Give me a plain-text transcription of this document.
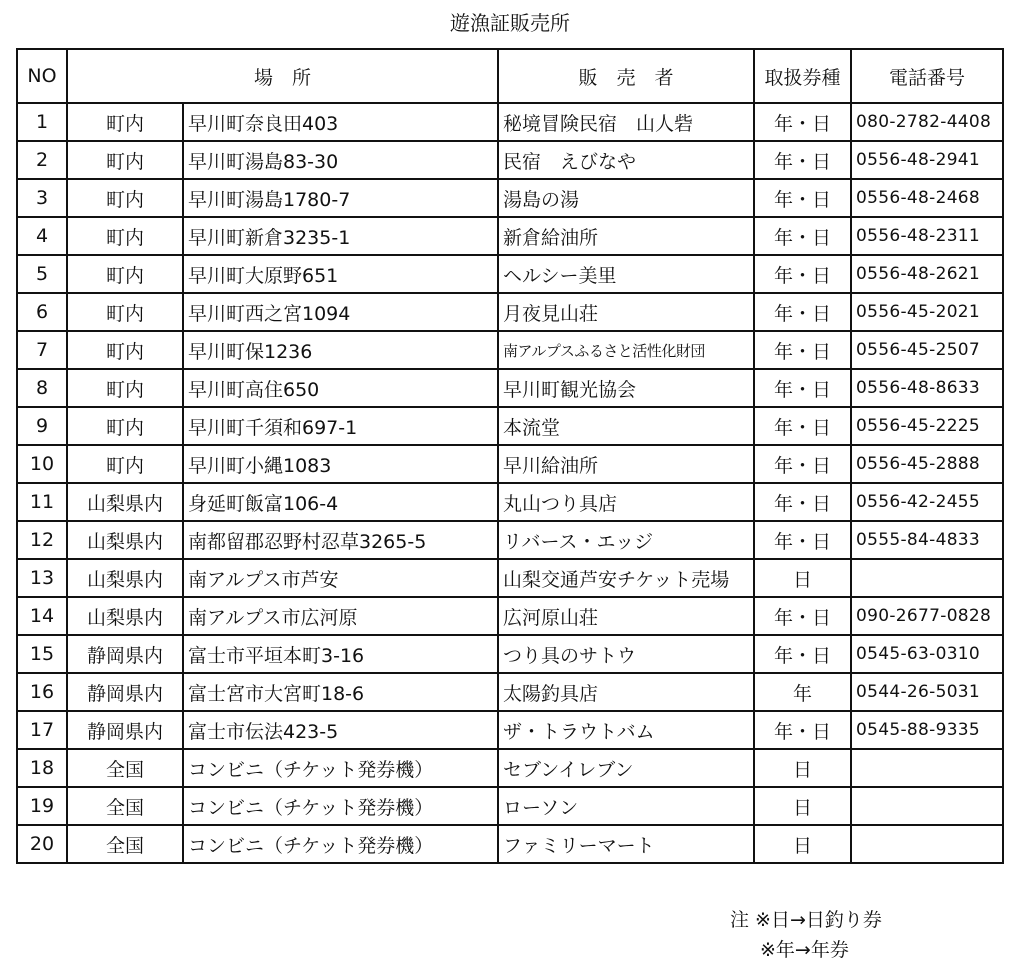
遊漁証販売所
NO	場　所		販　売　者	取扱券種	電話番号
1	町内	早川町奈良田403	秘境冒険民宿　山人砦	年・日	080-2782-4408
2	町内	早川町湯島83-30	民宿　えびなや	年・日	0556-48-2941
3	町内	早川町湯島1780-7	湯島の湯	年・日	0556-48-2468
4	町内	早川町新倉3235-1	新倉給油所	年・日	0556-48-2311
5	町内	早川町大原野651	ヘルシー美里	年・日	0556-48-2621
6	町内	早川町西之宮1094	月夜見山荘	年・日	0556-45-2021
7	町内	早川町保1236	南アルプスふるさと活性化財団	年・日	0556-45-2507
8	町内	早川町高住650	早川町観光協会	年・日	0556-48-8633
9	町内	早川町千須和697-1	本流堂	年・日	0556-45-2225
10	町内	早川町小縄1083	早川給油所	年・日	0556-45-2888
11	山梨県内	身延町飯富106-4	丸山つり具店	年・日	0556-42-2455
12	山梨県内	南都留郡忍野村忍草3265-5	リバース・エッジ	年・日	0555-84-4833
13	山梨県内	南アルプス市芦安	山梨交通芦安チケット売場	日	
14	山梨県内	南アルプス市広河原	広河原山荘	年・日	090-2677-0828
15	静岡県内	富士市平垣本町3-16	つり具のサトウ	年・日	0545-63-0310
16	静岡県内	富士宮市大宮町18-6	太陽釣具店	年	0544-26-5031
17	静岡県内	富士市伝法423-5	ザ・トラウトバム	年・日	0545-88-9335
18	全国	コンビニ（チケット発券機）	セブンイレブン	日	
19	全国	コンビニ（チケット発券機）	ローソン	日	
20	全国	コンビニ（チケット発券機）	ファミリーマート	日	
注 ※日→日釣り券
※年→年券
